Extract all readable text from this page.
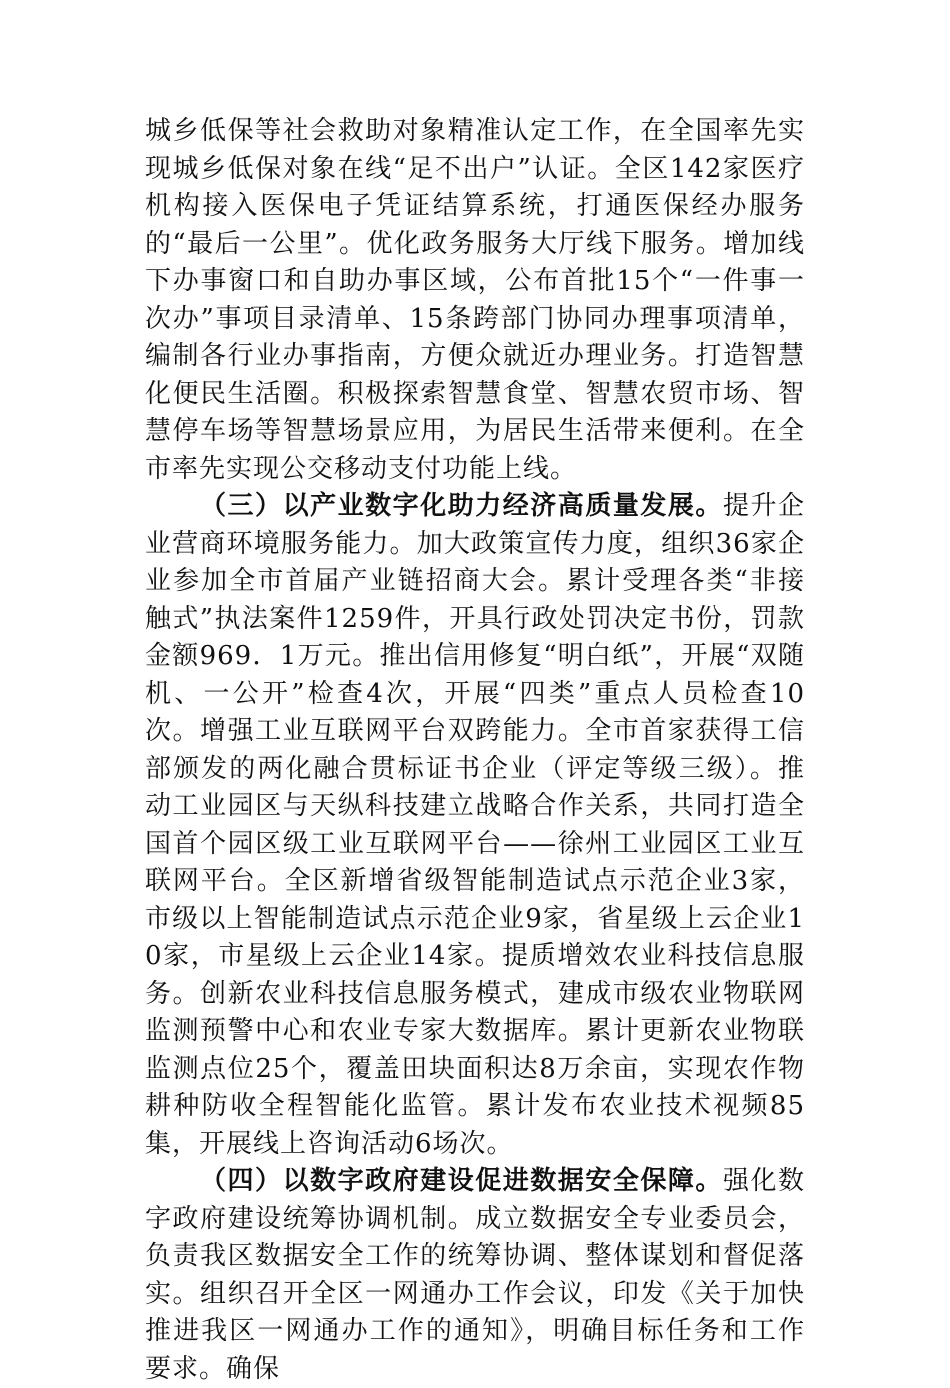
城乡低保等社会救助对象精准认定工作，在全国率先实现城乡低保对象在线“足不出户”认证。全区142家医疗机构接入医保电子凭证结算系统，打通医保经办服务的“最后一公里”。优化政务服务大厅线下服务。增加线下办事窗口和自助办事区域，公布首批15个“一件事一次办”事项目录清单、15条跨部门协同办理事项清单，编制各行业办事指南，方便众就近办理业务。打造智慧化便民生活圈。积极探索智慧食堂、智慧农贸市场、智慧停车场等智慧场景应用，为居民生活带来便利。在全市率先实现公交移动支付功能上线。

（三）以产业数字化助力经济高质量发展。提升企业营商环境服务能力。加大政策宣传力度，组织36家企业参加全市首届产业链招商大会。累计受理各类“非接触式”执法案件1259件，开具行政处罚决定书份，罚款金额969．1万元。推出信用修复“明白纸”，开展“双随机、一公开”检查4次，开展“四类”重点人员检查10次。增强工业互联网平台双跨能力。全市首家获得工信部颁发的两化融合贯标证书企业（评定等级三级）。推动工业园区与天纵科技建立战略合作关系，共同打造全国首个园区级工业互联网平台——徐州工业园区工业互联网平台。全区新增省级智能制造试点示范企业3家，市级以上智能制造试点示范企业9家，省星级上云企业10家，市星级上云企业14家。提质增效农业科技信息服务。创新农业科技信息服务模式，建成市级农业物联网监测预警中心和农业专家大数据库。累计更新农业物联监测点位25个，覆盖田块面积达8万余亩，实现农作物耕种防收全程智能化监管。累计发布农业技术视频85集，开展线上咨询活动6场次。

（四）以数字政府建设促进数据安全保障。强化数字政府建设统筹协调机制。成立数据安全专业委员会，负责我区数据安全工作的统筹协调、整体谋划和督促落实。组织召开全区一网通办工作会议，印发《关于加快推进我区一网通办工作的通知》，明确目标任务和工作要求。确保
